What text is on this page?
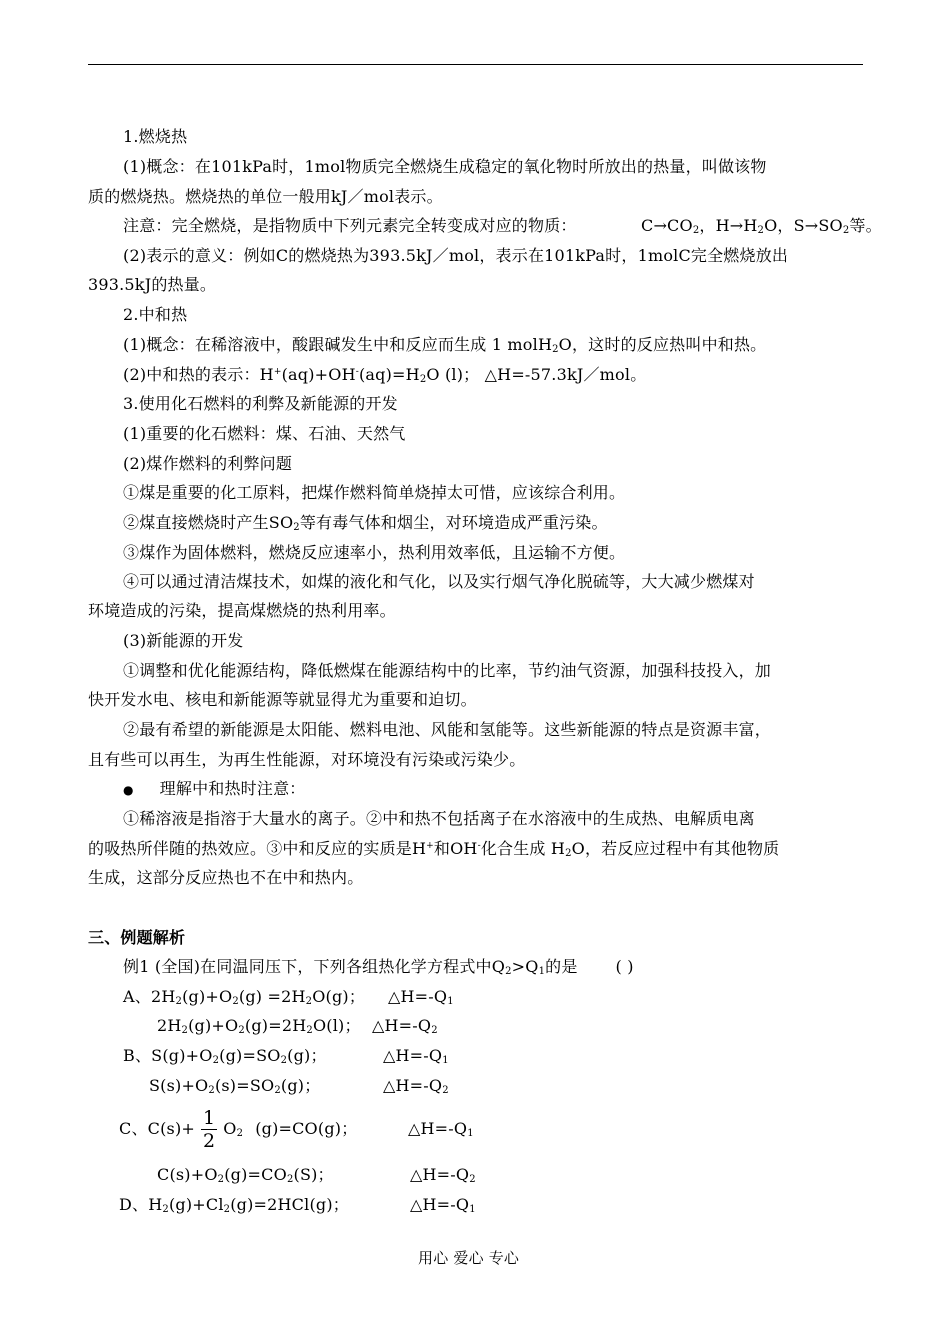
1.燃烧热
(1)概念：在101kPa时，1mol物质完全燃烧生成稳定的氧化物时所放出的热量，叫做该物
质的燃烧热。燃烧热的单位一般用kJ／mol表示。
注意：完全燃烧，是指物质中下列元素完全转变成对应的物质：	$C\to CO_2$，$H\to H_2O$，$S\to SO_2$等。
(2)表示的意义：例如C的燃烧热为393.5kJ／mol，表示在101kPa时，1molC完全燃烧放出
393.5kJ的热量。
2.中和热
(1)概念：在稀溶液中，酸跟碱发生中和反应而生成 1 molH$_2$O，这时的反应热叫中和热。
(2)中和热的表示：$H^+(aq)+OH^-(aq)=H_2O$ (l)； △H=-57.3kJ／mol。
3.使用化石燃料的利弊及新能源的开发
(1)重要的化石燃料：煤、石油、天然气
(2)煤作燃料的利弊问题
①煤是重要的化工原料，把煤作燃料简单烧掉太可惜，应该综合利用。
②煤直接燃烧时产生$SO_2$等有毒气体和烟尘，对环境造成严重污染。
③煤作为固体燃料，燃烧反应速率小，热利用效率低，且运输不方便。
④可以通过清洁煤技术，如煤的液化和气化，以及实行烟气净化脱硫等，大大减少燃煤对
环境造成的污染，提高煤燃烧的热利用率。
(3)新能源的开发
①调整和优化能源结构，降低燃煤在能源结构中的比率，节约油气资源，加强科技投入，加
快开发水电、核电和新能源等就显得尤为重要和迫切。
②最有希望的新能源是太阳能、燃料电池、风能和氢能等。这些新能源的特点是资源丰富，
且有些可以再生，为再生性能源，对环境没有污染或污染少。
● 理解中和热时注意：
①稀溶液是指溶于大量水的离子。②中和热不包括离子在水溶液中的生成热、电解质电离
的吸热所伴随的热效应。③中和反应的实质是H+和OH-化合生成 $H_2O$，若反应过程中有其他物质
生成，这部分反应热也不在中和热内。
三、例题解析
例1 (全国)在同温同压下，下列各组热化学方程式中$Q_2>Q_1$的是 ( )
A、$2H_2(g)+O_2(g) =2H_2O(g)$； $\triangle H=-Q_1$
$2H_2(g)+O_2(g)=2H_2O(l)$； $\triangle H=-Q_2$
B、$S(g)+O_2(g)=SO_2(g)$；	$\triangle H=-Q_1$
$S(s)+O_2(s)=SO_2(g)$；	$\triangle H=-Q_2$
C、$C(s)+ \frac{1}{2} O_2$ (g)=CO(g)；	$\triangle H=-Q_1$
$C(s)+O_2(g)=CO_2(S)$；	$\triangle H=-Q_2$
D、$H_2(g)+Cl_2(g)=2HCl(g)$；	$\triangle H=-Q_1$
用心 爱心 专心
